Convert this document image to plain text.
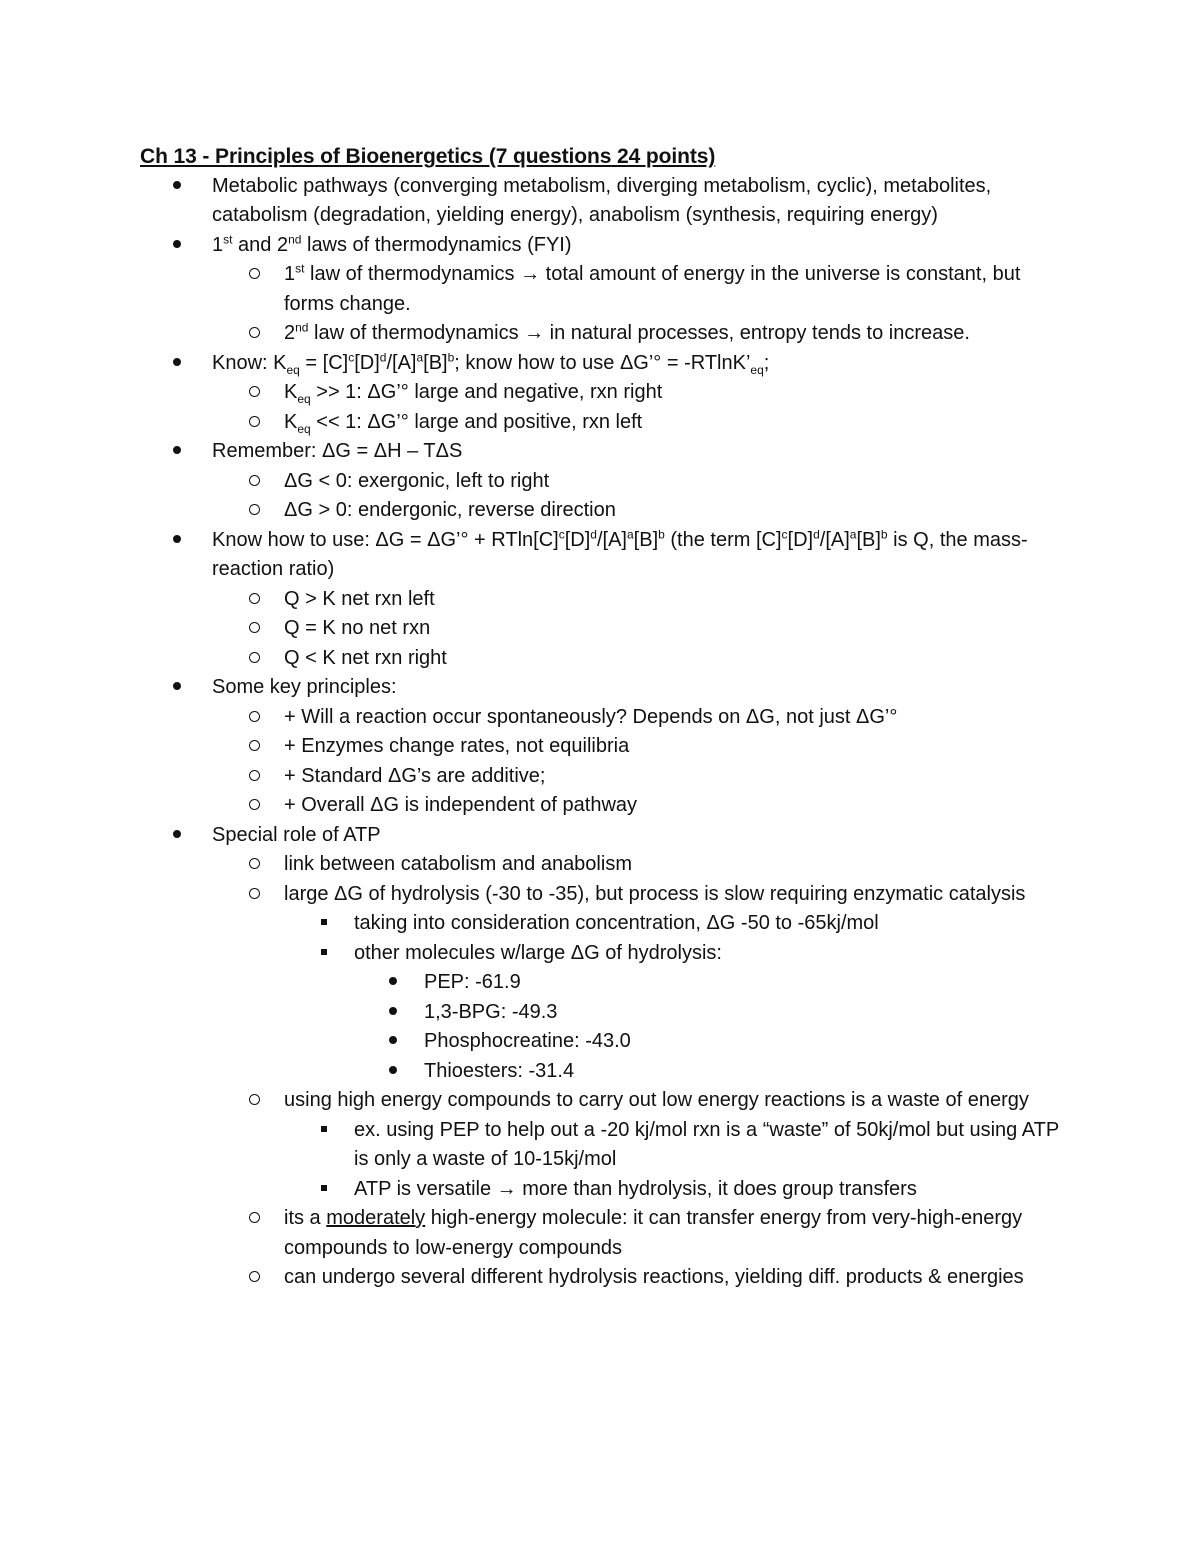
Ch 13 - Principles of Bioenergetics (7 questions 24 points)

Metabolic pathways (converging metabolism, diverging metabolism, cyclic), metabolites, catabolism (degradation, yielding energy), anabolism (synthesis, requiring energy)
1st and 2nd laws of thermodynamics (FYI)
1st law of thermodynamics → total amount of energy in the universe is constant, but forms change.
2nd law of thermodynamics → in natural processes, entropy tends to increase.
Know: $K_{eq} = [C]^c[D]^d/[A]^a[B]^b$; know how to use ΔG’° = $-RTlnK’_{eq}$;
$K_{eq} >> 1$: ΔG’° large and negative, rxn right
$K_{eq} << 1$: ΔG’° large and positive, rxn left
Remember: ΔG = ΔH – TΔS
ΔG < 0: exergonic, left to right
ΔG > 0: endergonic, reverse direction
Know how to use: ΔG = ΔG’° + $RTln[C]^c[D]^d/[A]^a[B]^b$ (the term $[C]^c[D]^d/[A]^a[B]^b$ is Q, the mass-reaction ratio)
Q > K net rxn left
Q = K no net rxn
Q < K net rxn right
Some key principles:
+ Will a reaction occur spontaneously? Depends on ΔG, not just ΔG’°
+ Enzymes change rates, not equilibria
+ Standard ΔG’s are additive;
+ Overall ΔG is independent of pathway
Special role of ATP
link between catabolism and anabolism
large ΔG of hydrolysis (-30 to -35), but process is slow requiring enzymatic catalysis
taking into consideration concentration, ΔG -50 to -65kj/mol
other molecules w/large ΔG of hydrolysis:
PEP: -61.9
1,3-BPG: -49.3
Phosphocreatine: -43.0
Thioesters: -31.4
using high energy compounds to carry out low energy reactions is a waste of energy
ex. using PEP to help out a -20 kj/mol rxn is a “waste” of 50kj/mol but using ATP is only a waste of 10-15kj/mol
ATP is versatile → more than hydrolysis, it does group transfers
its a moderately high-energy molecule: it can transfer energy from very-high-energy compounds to low-energy compounds
can undergo several different hydrolysis reactions, yielding diff. products & energies
